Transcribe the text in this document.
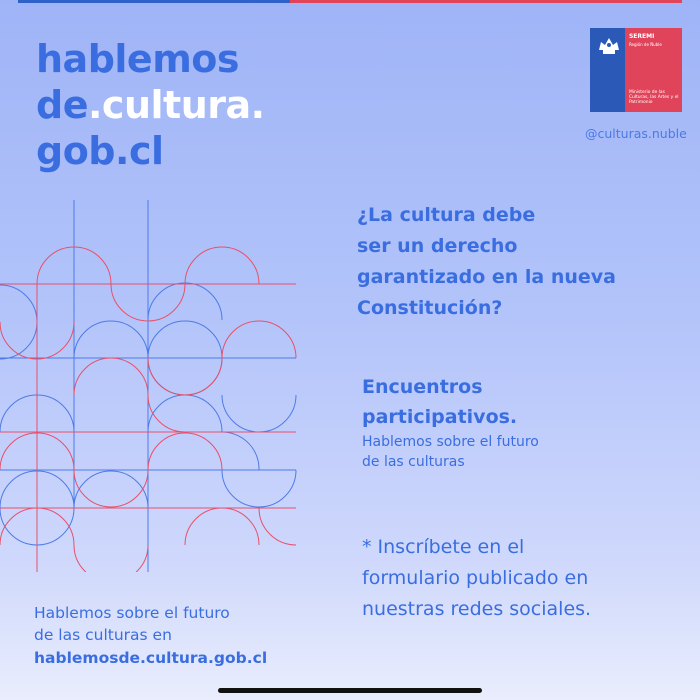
hablemos
de.cultura.
gob.cl
SEREMI
Región de Ñuble
Ministerio de las Culturas, las Artes y el Patrimonio
@culturas.nuble
¿La cultura debe
ser un derecho
garantizado en la nueva
Constitución?
Encuentros
participativos.
Hablemos sobre el futuro
de las culturas
* Inscríbete en el
formulario publicado en
nuestras redes sociales.
Hablemos sobre el futuro
de las culturas en
hablemosde.cultura.gob.cl
